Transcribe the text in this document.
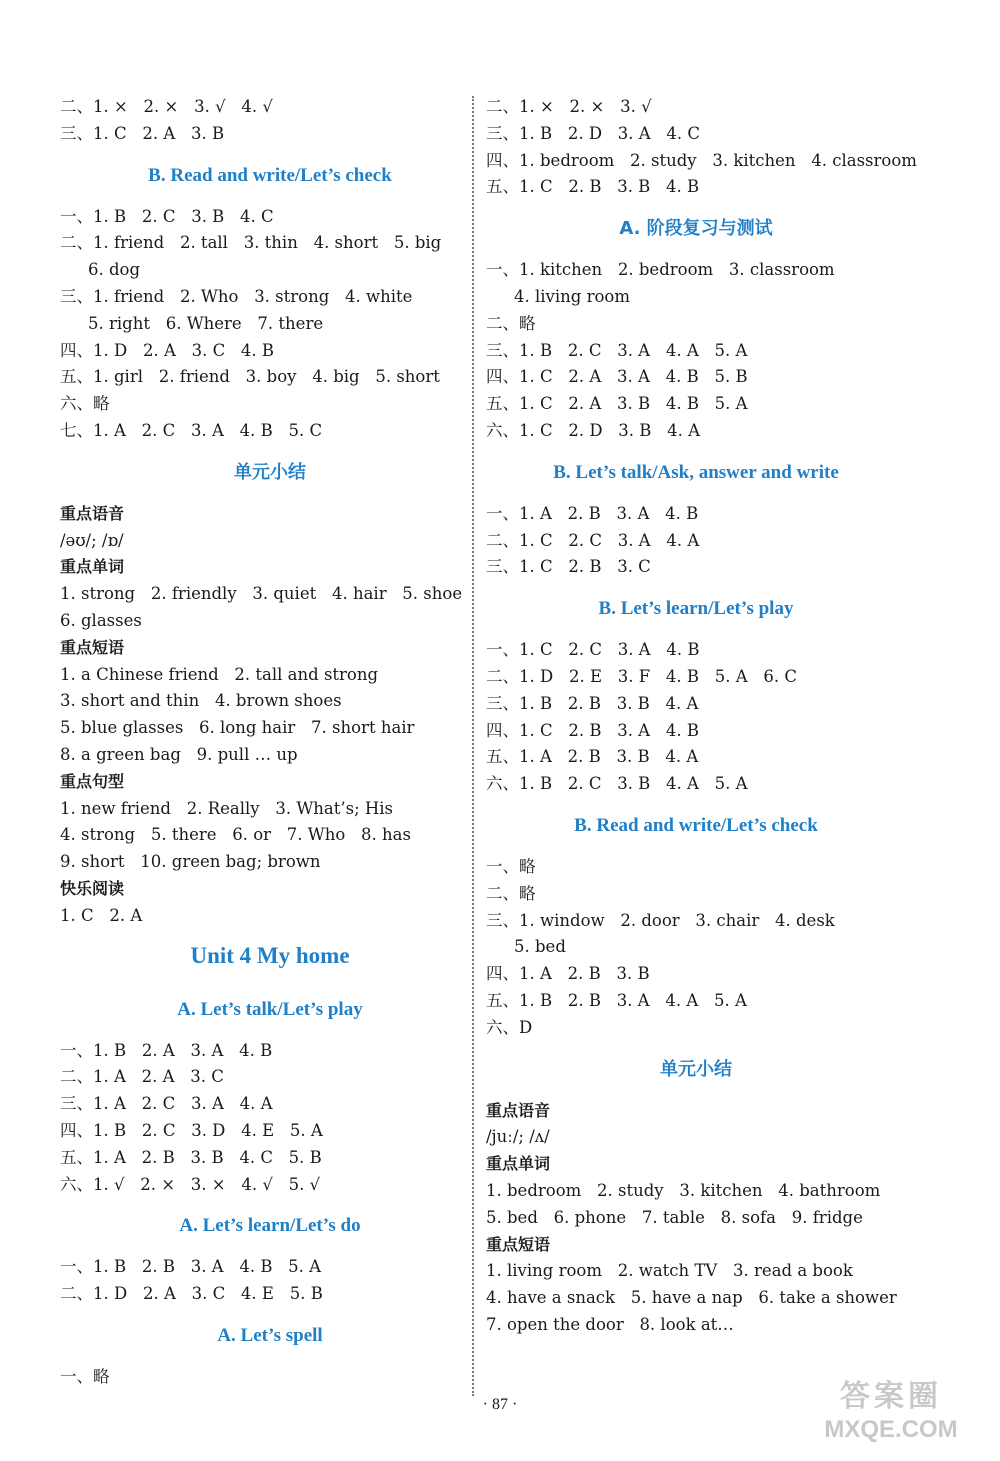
二、1. ×   2. ×   3. √   4. √
三、1. C   2. A   3. B
B. Read and write/Let’s check
一、1. B   2. C   3. B   4. C
二、1. friend   2. tall   3. thin   4. short   5. big
6. dog
三、1. friend   2. Who   3. strong   4. white
5. right   6. Where   7. there
四、1. D   2. A   3. C   4. B
五、1. girl   2. friend   3. boy   4. big   5. short
六、略
七、1. A   2. C   3. A   4. B   5. C
单元小结
重点语音
/əʊ/; /ɒ/
重点单词
1. strong   2. friendly   3. quiet   4. hair   5. shoe
6. glasses
重点短语
1. a Chinese friend   2. tall and strong
3. short and thin   4. brown shoes
5. blue glasses   6. long hair   7. short hair
8. a green bag   9. pull … up
重点句型
1. new friend   2. Really   3. What’s; His
4. strong   5. there   6. or   7. Who   8. has
9. short   10. green bag; brown
快乐阅读
1. C   2. A
Unit 4 My home
A. Let’s talk/Let’s play
一、1. B   2. A   3. A   4. B
二、1. A   2. A   3. C
三、1. A   2. C   3. A   4. A
四、1. B   2. C   3. D   4. E   5. A
五、1. A   2. B   3. B   4. C   5. B
六、1. √   2. ×   3. ×   4. √   5. √
A. Let’s learn/Let’s do
一、1. B   2. B   3. A   4. B   5. A
二、1. D   2. A   3. C   4. E   5. B
A. Let’s spell
一、略
二、1. ×   2. ×   3. √
三、1. B   2. D   3. A   4. C
四、1. bedroom   2. study   3. kitchen   4. classroom
五、1. C   2. B   3. B   4. B
A. 阶段复习与测试
一、1. kitchen   2. bedroom   3. classroom
4. living room
二、略
三、1. B   2. C   3. A   4. A   5. A
四、1. C   2. A   3. A   4. B   5. B
五、1. C   2. A   3. B   4. B   5. A
六、1. C   2. D   3. B   4. A
B. Let’s talk/Ask, answer and write
一、1. A   2. B   3. A   4. B
二、1. C   2. C   3. A   4. A
三、1. C   2. B   3. C
B. Let’s learn/Let’s play
一、1. C   2. C   3. A   4. B
二、1. D   2. E   3. F   4. B   5. A   6. C
三、1. B   2. B   3. B   4. A
四、1. C   2. B   3. A   4. B
五、1. A   2. B   3. B   4. A
六、1. B   2. C   3. B   4. A   5. A
B. Read and write/Let’s check
一、略
二、略
三、1. window   2. door   3. chair   4. desk
5. bed
四、1. A   2. B   3. B
五、1. B   2. B   3. A   4. A   5. A
六、D
单元小结
重点语音
/juː/; /ʌ/
重点单词
1. bedroom   2. study   3. kitchen   4. bathroom
5. bed   6. phone   7. table   8. sofa   9. fridge
重点短语
1. living room   2. watch TV   3. read a book
4. have a snack   5. have a nap   6. take a shower
7. open the door   8. look at…
· 87 ·	答案圈
MXQE.COM
